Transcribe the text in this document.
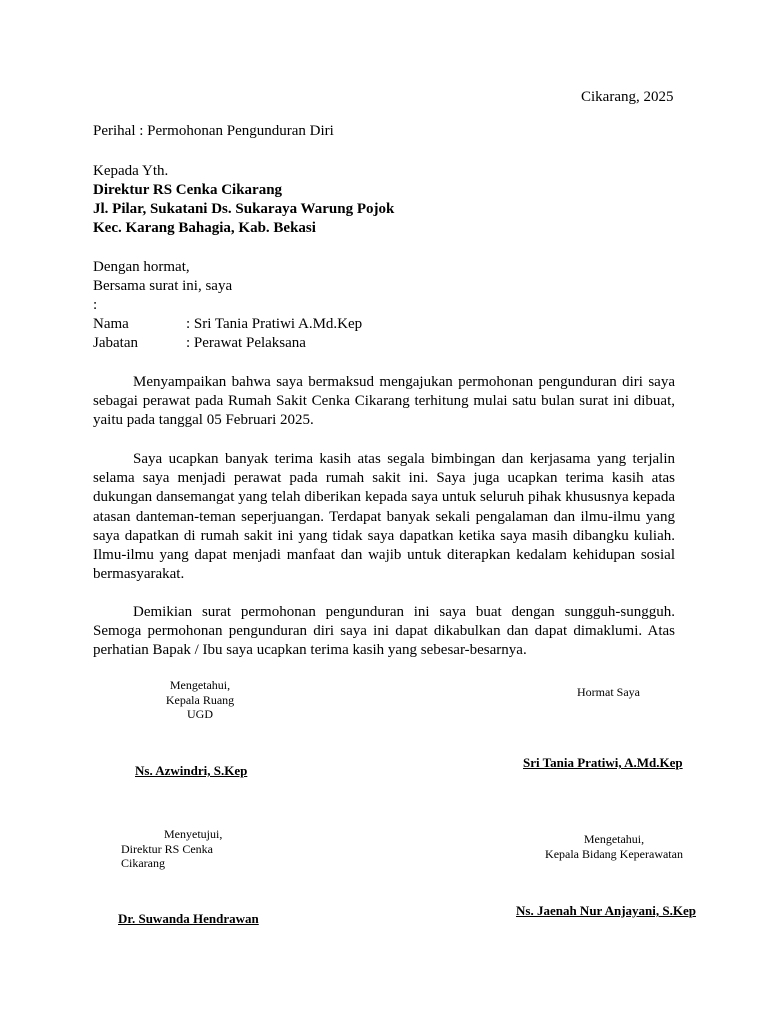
Cikarang, 2025
Perihal : Permohonan Pengunduran Diri
Kepada Yth.
Direktur RS Cenka Cikarang
Jl. Pilar, Sukatani Ds. Sukaraya Warung Pojok
Kec. Karang Bahagia, Kab. Bekasi
Dengan hormat,
Bersama surat ini, saya
:
Nama	: Sri Tania Pratiwi A.Md.Kep
Jabatan	: Perawat Pelaksana
Menyampaikan bahwa saya bermaksud mengajukan permohonan pengunduran diri saya sebagai perawat pada Rumah Sakit Cenka Cikarang terhitung mulai satu bulan surat ini dibuat, yaitu pada tanggal 05 Februari 2025.
Saya ucapkan banyak terima kasih atas segala bimbingan dan kerjasama yang terjalin selama saya menjadi perawat pada rumah sakit ini. Saya juga ucapkan terima kasih atas dukungan dansemangat yang telah diberikan kepada saya untuk seluruh pihak khususnya kepada atasan danteman-teman seperjuangan. Terdapat banyak sekali pengalaman dan ilmu-ilmu yang saya dapatkan di rumah sakit ini yang tidak saya dapatkan ketika saya masih dibangku kuliah. Ilmu-ilmu yang dapat menjadi manfaat dan wajib untuk diterapkan kedalam kehidupan sosial bermasyarakat.
Demikian surat permohonan pengunduran ini saya buat dengan sungguh-sungguh. Semoga permohonan pengunduran diri saya ini dapat dikabulkan dan dapat dimaklumi. Atas perhatian Bapak / Ibu saya ucapkan terima kasih yang sebesar-besarnya.
Mengetahui,
Kepala Ruang
UGD
Ns. Azwindri, S.Kep
Hormat Saya
Sri Tania Pratiwi, A.Md.Kep
Menyetujui,
Direktur RS Cenka
Cikarang
Dr. Suwanda Hendrawan
Mengetahui,
Kepala Bidang Keperawatan
Ns. Jaenah Nur Anjayani, S.Kep
